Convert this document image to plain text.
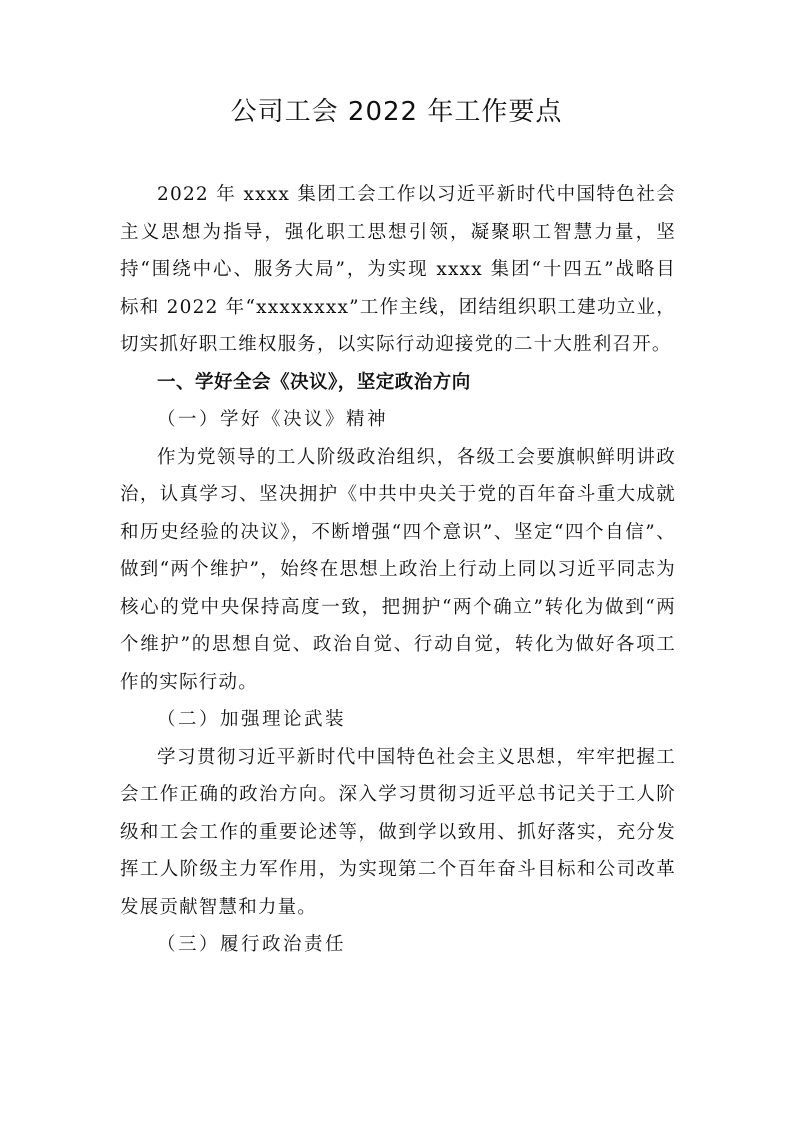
公司工会 2022 年工作要点

2022 年 xxxx 集团工会工作以习近平新时代中国特色社会主义思想为指导，强化职工思想引领，凝聚职工智慧力量，坚持“围绕中心、服务大局”，为实现 xxxx 集团“十四五”战略目标和 2022 年“xxxxxxxx”工作主线，团结组织职工建功立业，切实抓好职工维权服务，以实际行动迎接党的二十大胜利召开。

一、学好全会《决议》，坚定政治方向

（一）学好《决议》精神

作为党领导的工人阶级政治组织，各级工会要旗帜鲜明讲政治，认真学习、坚决拥护《中共中央关于党的百年奋斗重大成就和历史经验的决议》，不断增强“四个意识”、坚定“四个自信”、做到“两个维护”，始终在思想上政治上行动上同以习近平同志为核心的党中央保持高度一致，把拥护“两个确立”转化为做到“两个维护”的思想自觉、政治自觉、行动自觉，转化为做好各项工作的实际行动。

（二）加强理论武装

学习贯彻习近平新时代中国特色社会主义思想，牢牢把握工会工作正确的政治方向。深入学习贯彻习近平总书记关于工人阶级和工会工作的重要论述等，做到学以致用、抓好落实，充分发挥工人阶级主力军作用，为实现第二个百年奋斗目标和公司改革发展贡献智慧和力量。

（三）履行政治责任
